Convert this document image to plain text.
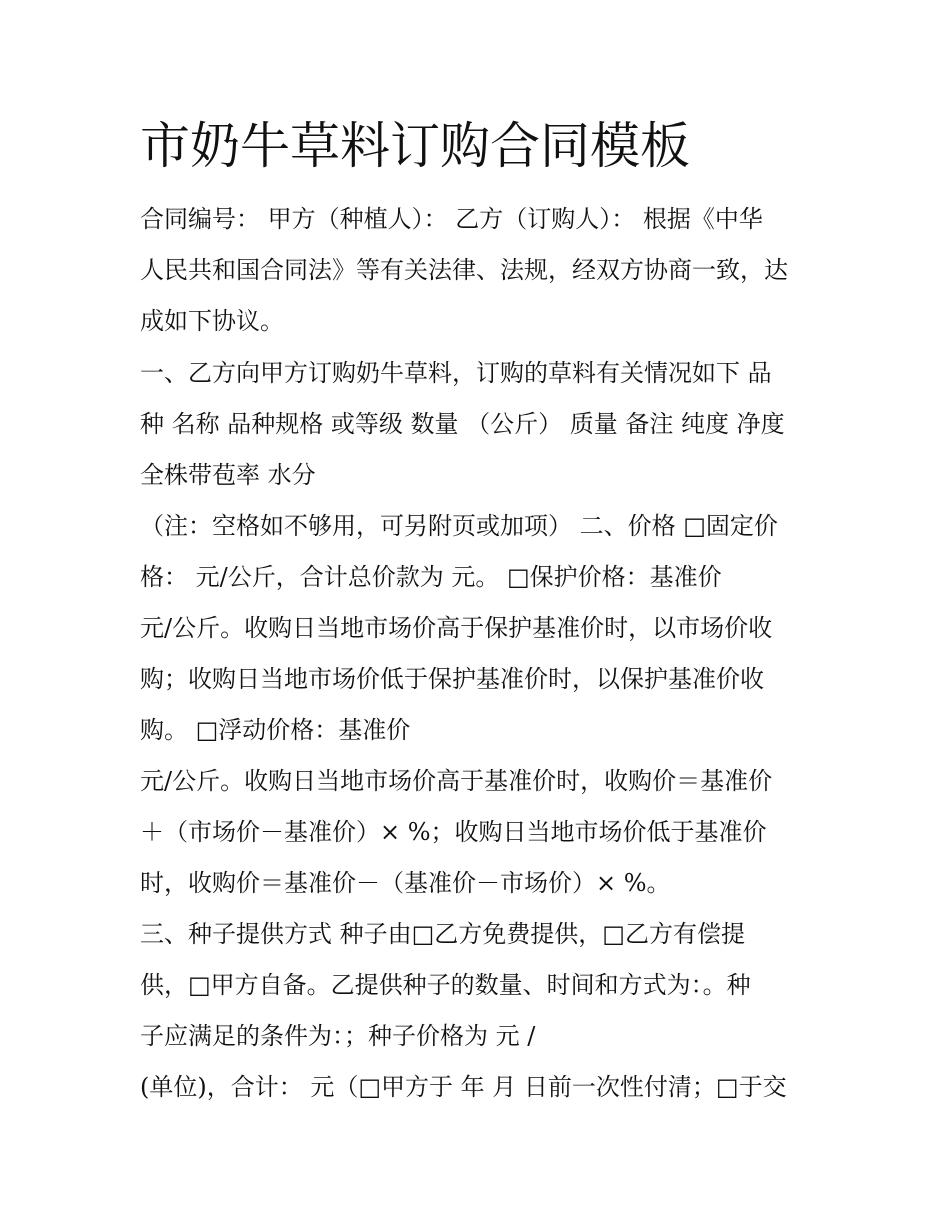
市奶牛草料订购合同模板
合同编号： 甲方（种植人）： 乙方（订购人）： 根据《中华
人民共和国合同法》等有关法律、法规，经双方协商一致，达
成如下协议。
一、乙方向甲方订购奶牛草料，订购的草料有关情况如下 品
种 名称 品种规格 或等级 数量 （公斤） 质量 备注 纯度 净度
全株带苞率 水分
（注：空格如不够用，可另附页或加项） 二、价格 □固定价
格： 元/公斤，合计总价款为 元。 □保护价格：基准价
元/公斤。收购日当地市场价高于保护基准价时，以市场价收
购；收购日当地市场价低于保护基准价时，以保护基准价收
购。 □浮动价格：基准价
元/公斤。收购日当地市场价高于基准价时，收购价＝基准价
＋（市场价－基准价）× %；收购日当地市场价低于基准价
时，收购价＝基准价－（基准价－市场价）× %。
三、种子提供方式 种子由□乙方免费提供，□乙方有偿提
供，□甲方自备。乙提供种子的数量、时间和方式为：。种
子应满足的条件为：；种子价格为 元 /
(单位)，合计： 元（□甲方于 年 月 日前一次性付清；□于交
